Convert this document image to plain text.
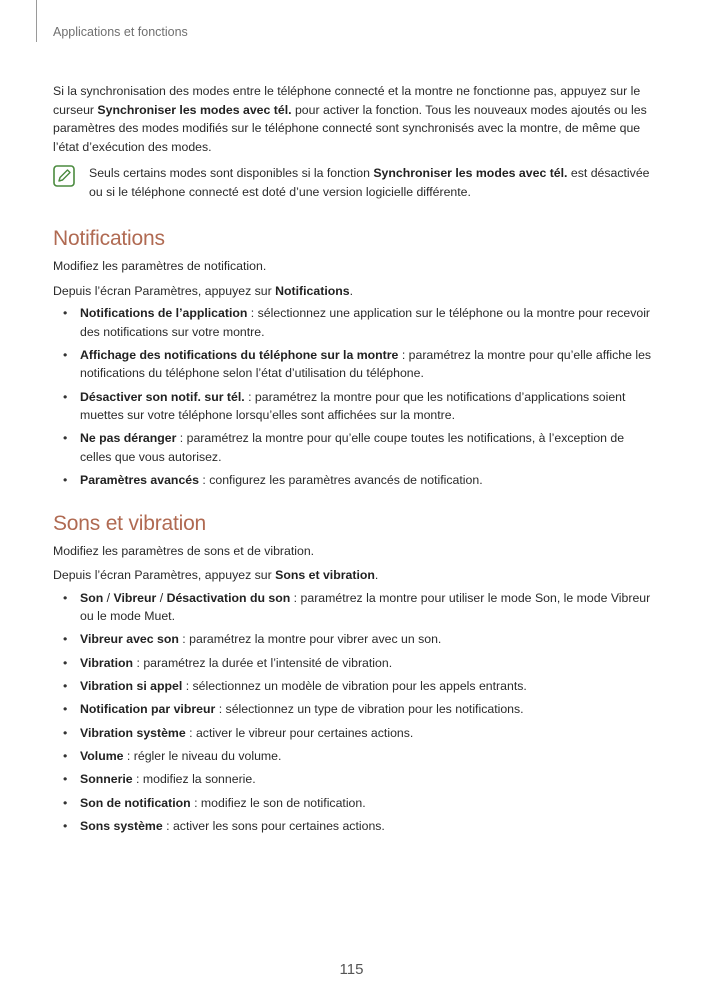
Applications et fonctions

Si la synchronisation des modes entre le téléphone connecté et la montre ne fonctionne pas, appuyez sur le curseur Synchroniser les modes avec tél. pour activer la fonction. Tous les nouveaux modes ajoutés ou les paramètres des modes modifiés sur le téléphone connecté sont synchronisés avec la montre, de même que l’état d’exécution des modes.

Seuls certains modes sont disponibles si la fonction Synchroniser les modes avec tél. est désactivée ou si le téléphone connecté est doté d’une version logicielle différente.

Notifications

Modifiez les paramètres de notification.

Depuis l’écran Paramètres, appuyez sur Notifications.

• Notifications de l’application : sélectionnez une application sur le téléphone ou la montre pour recevoir des notifications sur votre montre.
• Affichage des notifications du téléphone sur la montre : paramétrez la montre pour qu’elle affiche les notifications du téléphone selon l’état d’utilisation du téléphone.
• Désactiver son notif. sur tél. : paramétrez la montre pour que les notifications d’applications soient muettes sur votre téléphone lorsqu’elles sont affichées sur la montre.
• Ne pas déranger : paramétrez la montre pour qu’elle coupe toutes les notifications, à l’exception de celles que vous autorisez.
• Paramètres avancés : configurez les paramètres avancés de notification.
Sons et vibration

Modifiez les paramètres de sons et de vibration.

Depuis l’écran Paramètres, appuyez sur Sons et vibration.

• Son / Vibreur / Désactivation du son : paramétrez la montre pour utiliser le mode Son, le mode Vibreur ou le mode Muet.
• Vibreur avec son : paramétrez la montre pour vibrer avec un son.
• Vibration : paramétrez la durée et l’intensité de vibration.
• Vibration si appel : sélectionnez un modèle de vibration pour les appels entrants.
• Notification par vibreur : sélectionnez un type de vibration pour les notifications.
• Vibration système : activer le vibreur pour certaines actions.
• Volume : régler le niveau du volume.
• Sonnerie : modifiez la sonnerie.
• Son de notification : modifiez le son de notification.
• Sons système : activer les sons pour certaines actions.
115
